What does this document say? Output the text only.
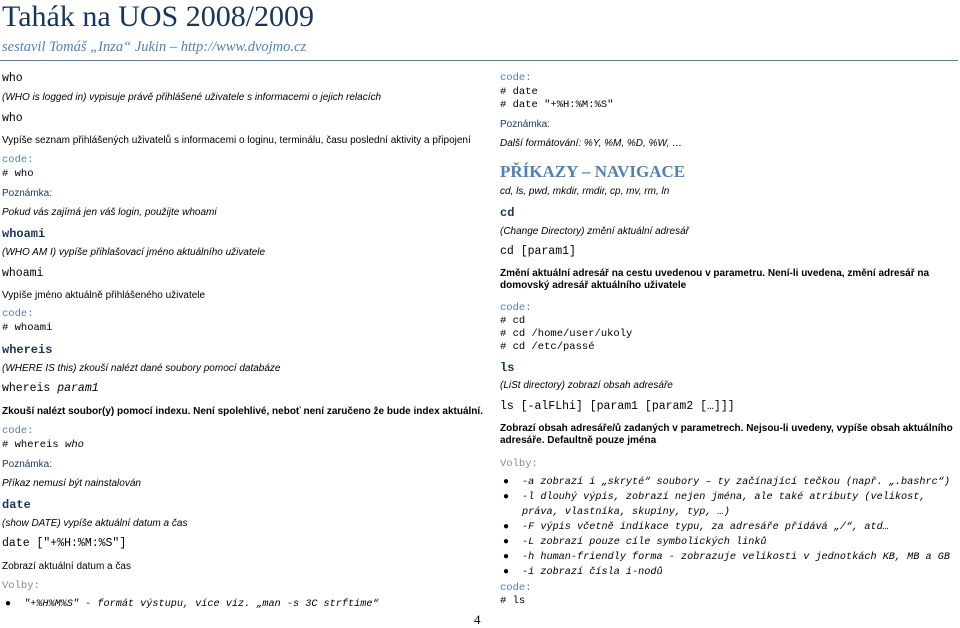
Tahák na UOS 2008/2009
sestavil Tomáš „Inza“ Jukin – http://www.dvojmo.cz
who
(WHO is logged in) vypisuje právě přihlášené uživatele s informacemi o jejich relacích
who
Vypíše seznam přihlášených uživatelů s informacemi o loginu, terminálu, času poslední aktivity a připojení
code:
# who
Poznámka:
Pokud vás zajímá jen váš login, použijte whoami
whoami
(WHO AM I) vypíše přihlašovací jméno aktuálního uživatele
whoami
Vypíše jméno aktuálně přihlášeného uživatele
code:
# whoami
whereis
(WHERE IS this) zkouší nalézt dané soubory pomocí databáze
whereis param1
Zkouší nalézt soubor(y) pomocí indexu. Není spolehlivé, neboť není zaručeno že bude index aktuální.
code:
# whereis who
Poznámka:
Příkaz nemusí být nainstalován
date
(show DATE) vypíše aktuální datum a čas
date ["+%H:%M:%S"]
Zobrazí aktuální datum a čas
Volby:
● "+%H%M%S" - formát výstupu, více viz. „man -s 3C strftime“
code:
# date
# date "+%H:%M:%S"
Poznámka:
Další formátování: %Y, %M, %D, %W, …
PŘÍKAZY – NAVIGACE
cd, ls, pwd, mkdir, rmdir, cp, mv, rm, ln
cd
(Change Directory) změní aktuální adresář
cd [param1]
Změní aktuální adresář na cestu uvedenou v parametru. Není-li uvedena, změní adresář na domovský adresář aktuálního uživatele
code:
# cd
# cd /home/user/ukoly
# cd /etc/passé
ls
(LiSt directory) zobrazí obsah adresáře
ls [-alFLhi] [param1 [param2 […]]]
Zobrazí obsah adresáře/ů zadaných v parametrech. Nejsou-li uvedeny, vypíše obsah aktuálního adresáře. Defaultně pouze jména
Volby:
● -a zobrazí i „skryté“ soubory – ty začínající tečkou (např. „.bashrc“)
● -l dlouhý výpis, zobrazí nejen jména, ale také atributy (velikost, práva, vlastníka, skupiny, typ, …)
● -F výpis včetně indikace typu, za adresáře přidává „/“, atd…
● -L zobrazí pouze cíle symbolických linků
● -h human-friendly forma - zobrazuje velikosti v jednotkách KB, MB a GB
● -i zobrazí čísla i-nodů
code:
# ls
4
